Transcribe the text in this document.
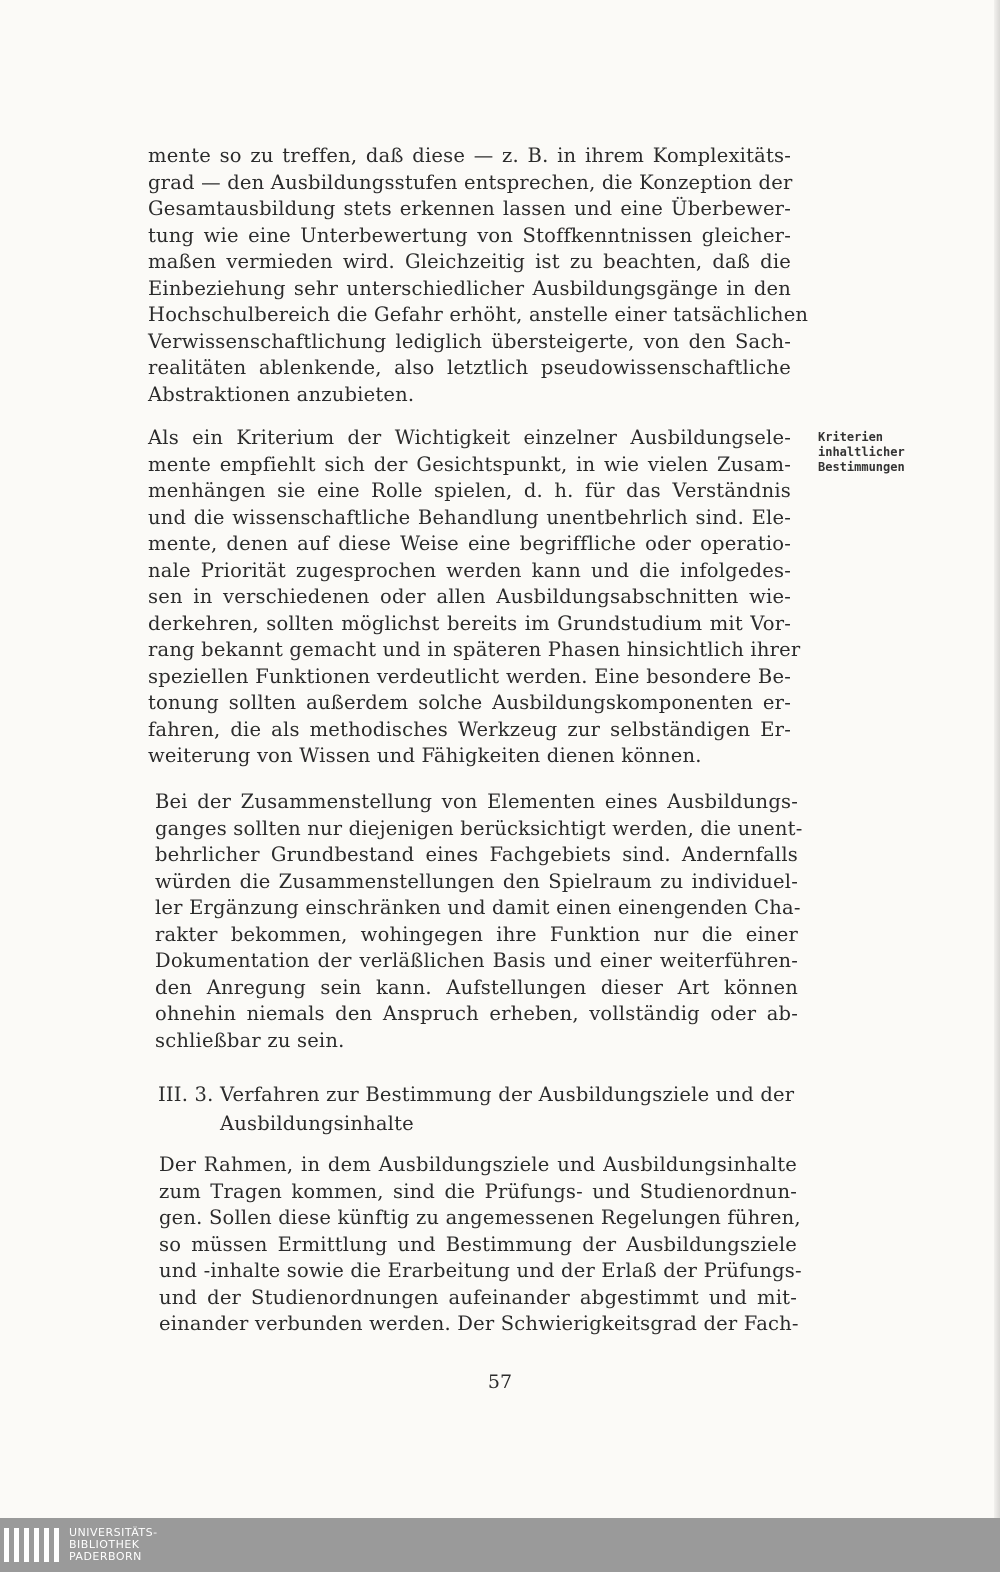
mente so zu treffen, daß diese — z. B. in ihrem Komplexitäts-
grad — den Ausbildungsstufen entsprechen, die Konzeption der
Gesamtausbildung stets erkennen lassen und eine Überbewer-
tung wie eine Unterbewertung von Stoffkenntnissen gleicher-
maßen vermieden wird. Gleichzeitig ist zu beachten, daß die
Einbeziehung sehr unterschiedlicher Ausbildungsgänge in den
Hochschulbereich die Gefahr erhöht, anstelle einer tatsächlichen
Verwissenschaftlichung lediglich übersteigerte, von den Sach-
realitäten ablenkende, also letztlich pseudowissenschaftliche
Abstraktionen anzubieten.
Als ein Kriterium der Wichtigkeit einzelner Ausbildungsele-
mente empfiehlt sich der Gesichtspunkt, in wie vielen Zusam-
menhängen sie eine Rolle spielen, d. h. für das Verständnis
und die wissenschaftliche Behandlung unentbehrlich sind. Ele-
mente, denen auf diese Weise eine begriffliche oder operatio-
nale Priorität zugesprochen werden kann und die infolgedes-
sen in verschiedenen oder allen Ausbildungsabschnitten wie-
derkehren, sollten möglichst bereits im Grundstudium mit Vor-
rang bekannt gemacht und in späteren Phasen hinsichtlich ihrer
speziellen Funktionen verdeutlicht werden. Eine besondere Be-
tonung sollten außerdem solche Ausbildungskomponenten er-
fahren, die als methodisches Werkzeug zur selbständigen Er-
weiterung von Wissen und Fähigkeiten dienen können.
Kriterien
inhaltlicher
Bestimmungen
Bei der Zusammenstellung von Elementen eines Ausbildungs-
ganges sollten nur diejenigen berücksichtigt werden, die unent-
behrlicher Grundbestand eines Fachgebiets sind. Andernfalls
würden die Zusammenstellungen den Spielraum zu individuel-
ler Ergänzung einschränken und damit einen einengenden Cha-
rakter bekommen, wohingegen ihre Funktion nur die einer
Dokumentation der verläßlichen Basis und einer weiterführen-
den Anregung sein kann. Aufstellungen dieser Art können
ohnehin niemals den Anspruch erheben, vollständig oder ab-
schließbar zu sein.
III. 3. Verfahren zur Bestimmung der Ausbildungsziele und der
Ausbildungsinhalte
Der Rahmen, in dem Ausbildungsziele und Ausbildungsinhalte
zum Tragen kommen, sind die Prüfungs- und Studienordnun-
gen. Sollen diese künftig zu angemessenen Regelungen führen,
so müssen Ermittlung und Bestimmung der Ausbildungsziele
und -inhalte sowie die Erarbeitung und der Erlaß der Prüfungs-
und der Studienordnungen aufeinander abgestimmt und mit-
einander verbunden werden. Der Schwierigkeitsgrad der Fach-
57
UNIVERSITÄTS-
BIBLIOTHEK
PADERBORN
